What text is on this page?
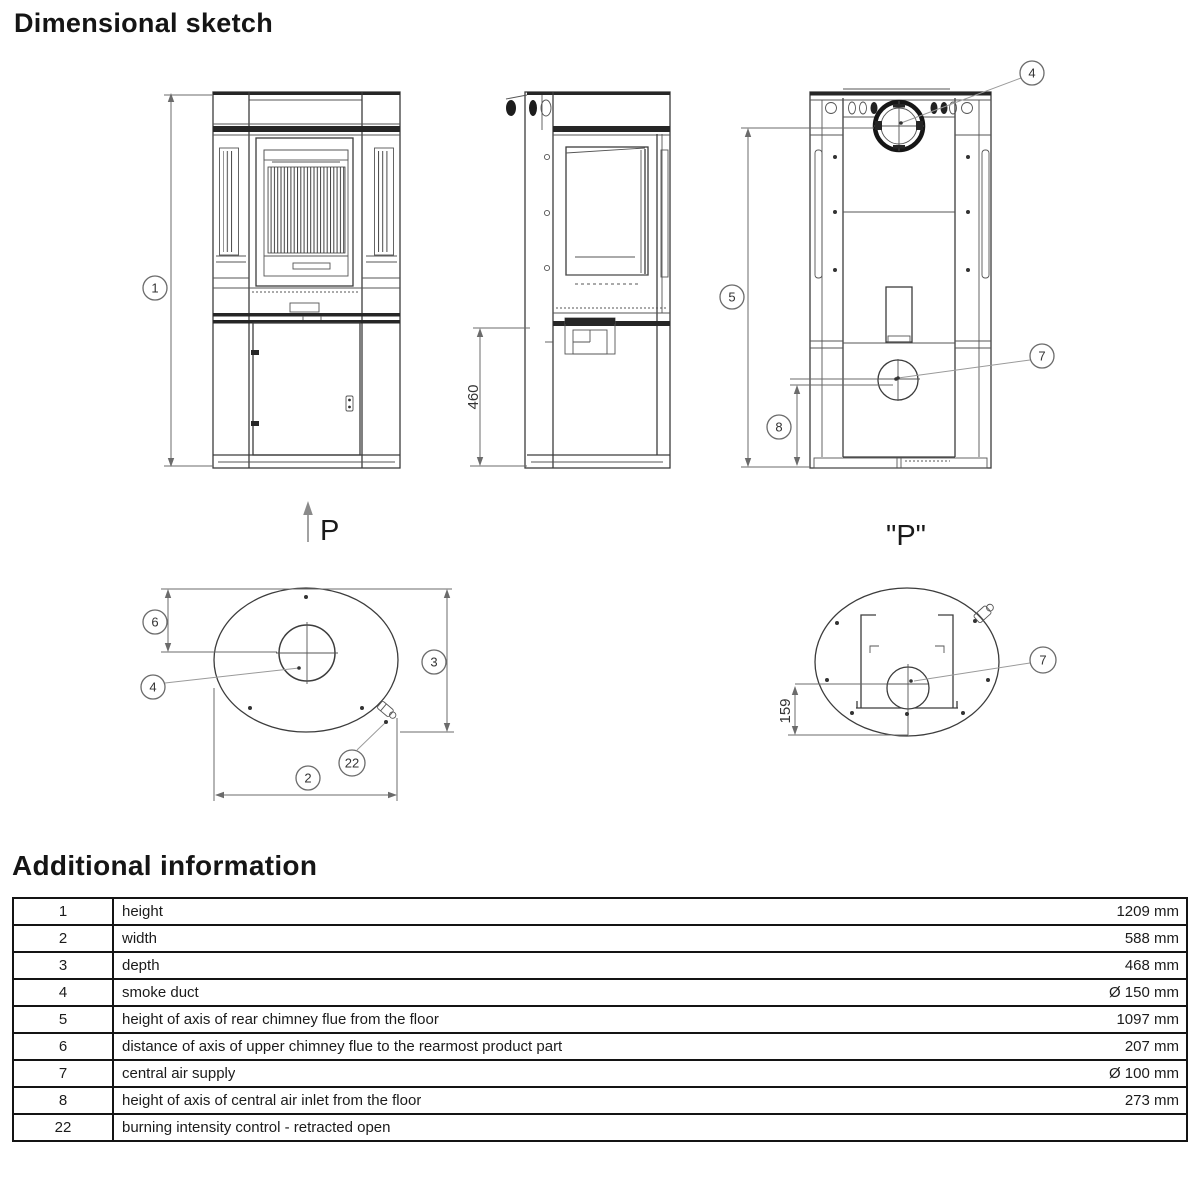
Dimensional sketch
1
460
5
8
4
7
P
6
3
2
4
22
"P"
159
7
Additional information
1	height 1209 mm

2	width 588 mm

3	depth 468 mm

4	smoke duct Ø 150 mm

5	height of axis of rear chimney flue from the floor 1097 mm

6	distance of axis of upper chimney flue to the rearmost product part 207 mm

7	central air supply Ø 100 mm

8	height of axis of central air inlet from the floor 273 mm

22	burning intensity control - retracted open
